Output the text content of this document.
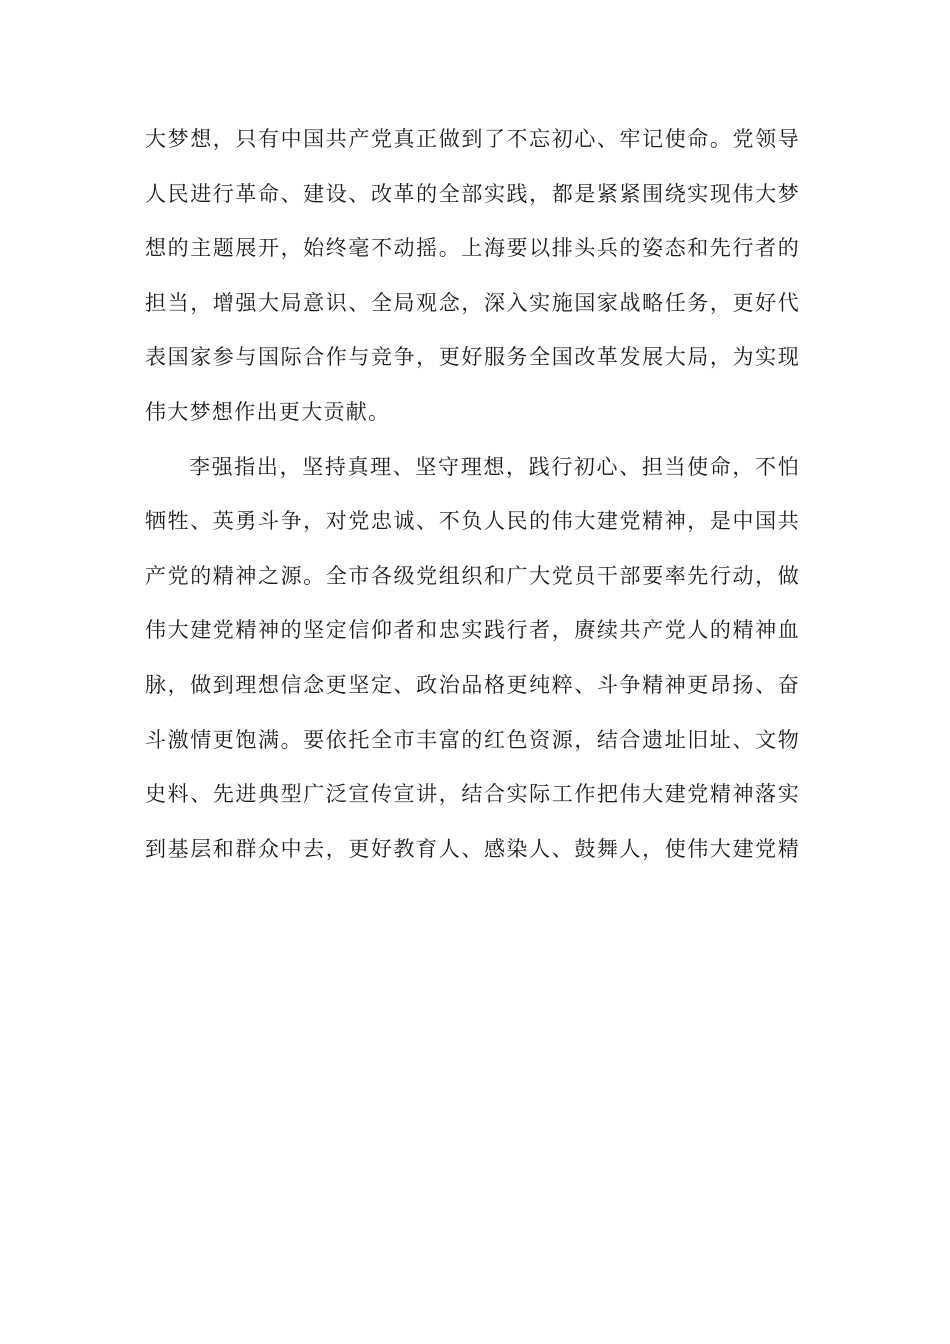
大梦想，只有中国共产党真正做到了不忘初心、牢记使命。党领导
人民进行革命、建设、改革的全部实践，都是紧紧围绕实现伟大梦
想的主题展开，始终毫不动摇。上海要以排头兵的姿态和先行者的
担当，增强大局意识、全局观念，深入实施国家战略任务，更好代
表国家参与国际合作与竞争，更好服务全国改革发展大局，为实现
伟大梦想作出更大贡献。
李强指出，坚持真理、坚守理想，践行初心、担当使命，不怕
牺牲、英勇斗争，对党忠诚、不负人民的伟大建党精神，是中国共
产党的精神之源。全市各级党组织和广大党员干部要率先行动，做
伟大建党精神的坚定信仰者和忠实践行者，赓续共产党人的精神血
脉，做到理想信念更坚定、政治品格更纯粹、斗争精神更昂扬、奋
斗激情更饱满。要依托全市丰富的红色资源，结合遗址旧址、文物
史料、先进典型广泛宣传宣讲，结合实际工作把伟大建党精神落实
到基层和群众中去，更好教育人、感染人、鼓舞人，使伟大建党精
